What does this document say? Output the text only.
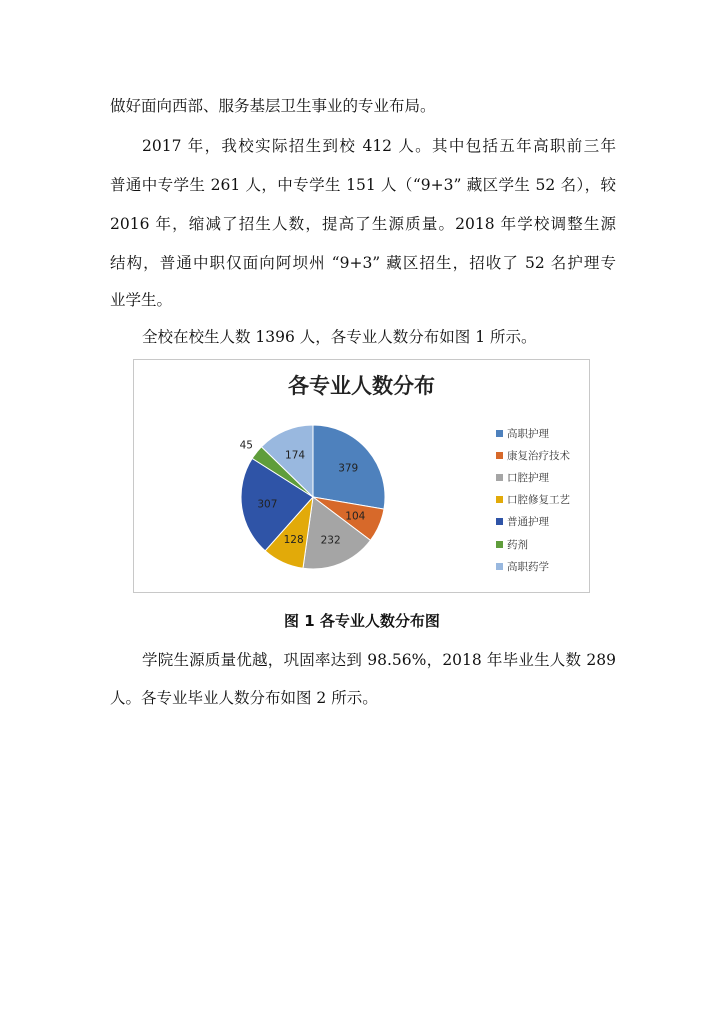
做好面向西部、服务基层卫生事业的专业布局。
2017 年，我校实际招生到校 412 人。其中包括五年高职前三年
普通中专学生 261 人，中专学生 151 人（“9+3” 藏区学生 52 名），较
2016 年，缩减了招生人数，提高了生源质量。2018 年学校调整生源
结构，普通中职仅面向阿坝州 “9+3” 藏区招生，招收了 52 名护理专
业学生。
全校在校生人数 1396 人，各专业人数分布如图 1 所示。
各专业人数分布
379
104
232
128
307
45
174
高职护理
康复治疗技术
口腔护理
口腔修复工艺
普通护理
药剂
高职药学
图 1 各专业人数分布图
学院生源质量优越，巩固率达到 98.56%，2018 年毕业生人数 289
人。各专业毕业人数分布如图 2 所示。
